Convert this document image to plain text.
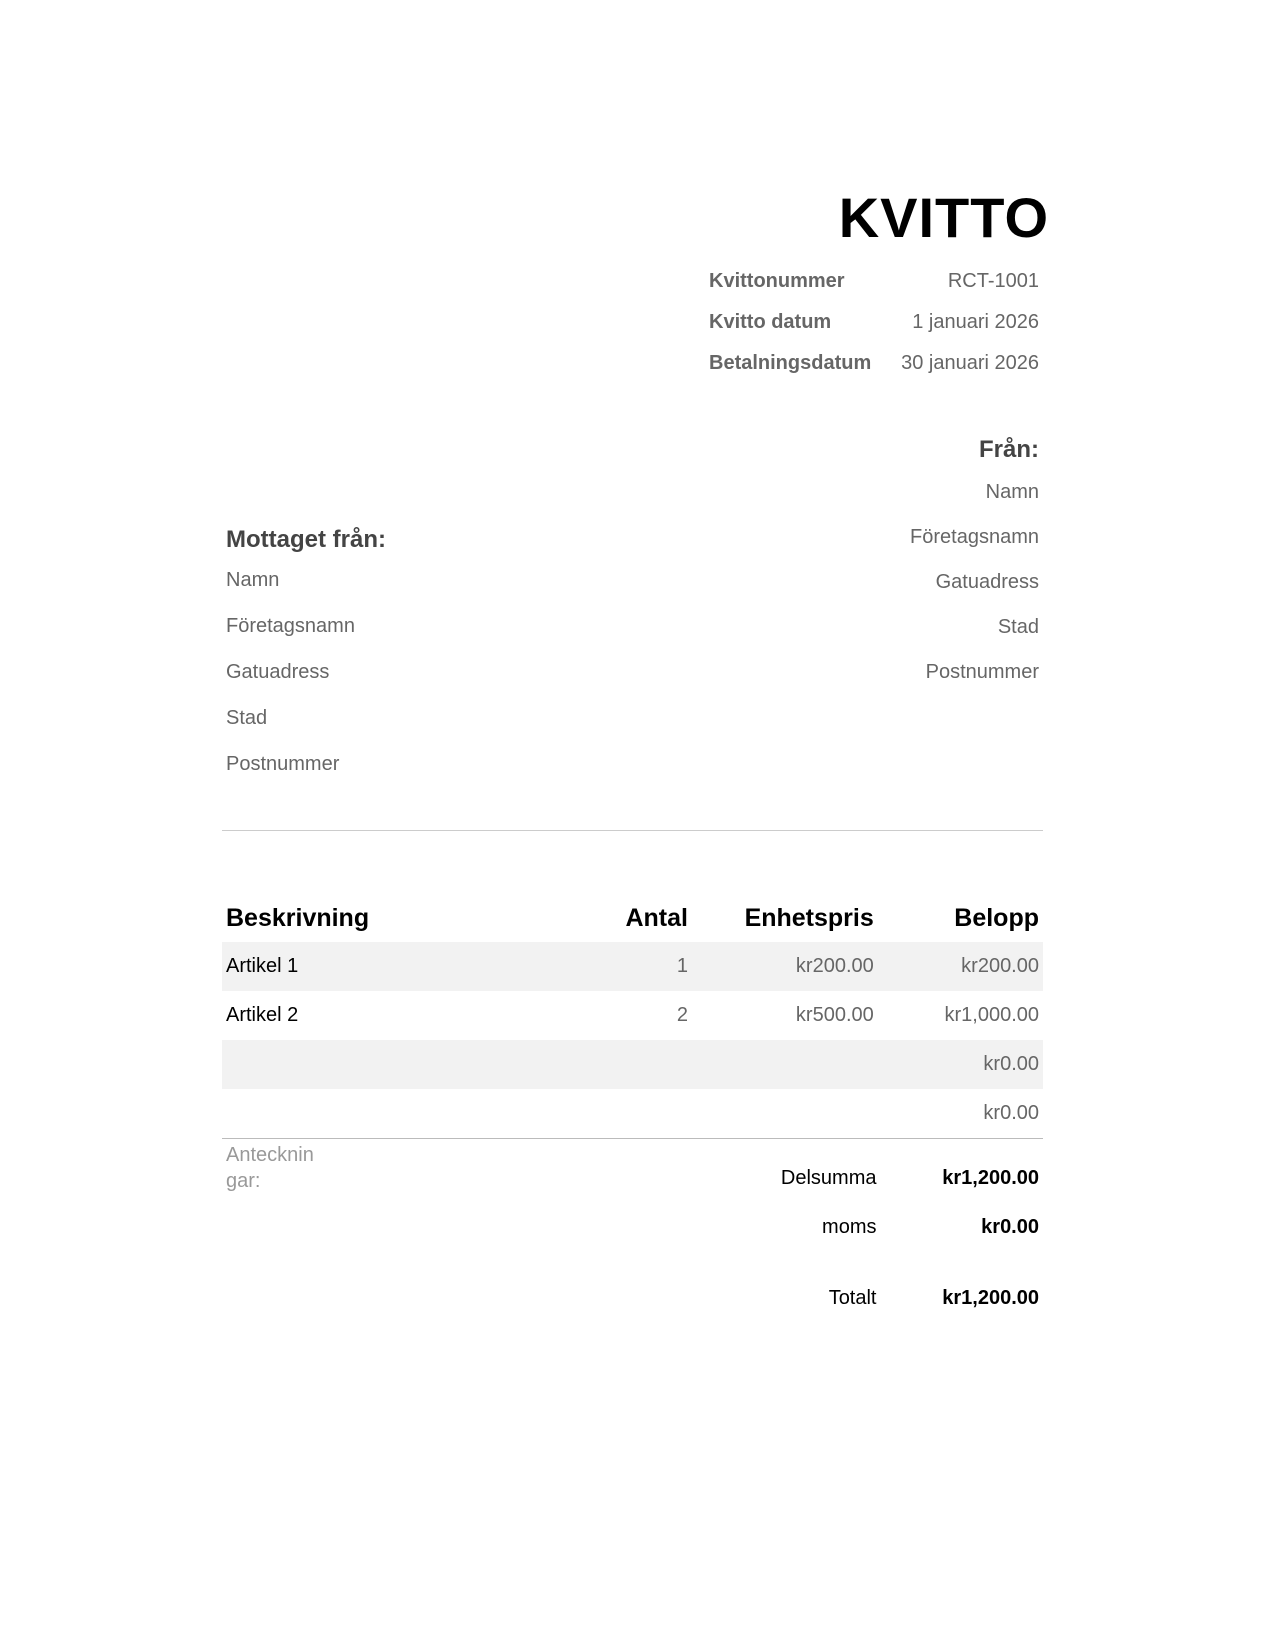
KVITTO
Kvittonummer	RCT-1001
Kvitto datum	1 januari 2026
Betalningsdatum	30 januari 2026
Från:
Namn
Företagsnamn
Gatuadress
Stad
Postnummer
Mottaget från:
Namn
Företagsnamn
Gatuadress
Stad
Postnummer
Beskrivning	Antal	Enhetspris	Belopp
Artikel 1	1	kr200.00	kr200.00
Artikel 2	2	kr500.00	kr1,000.00
			kr0.00
			kr0.00
Anteckningar:	Delsumma	kr1,200.00
moms	kr0.00

Totalt	kr1,200.00
